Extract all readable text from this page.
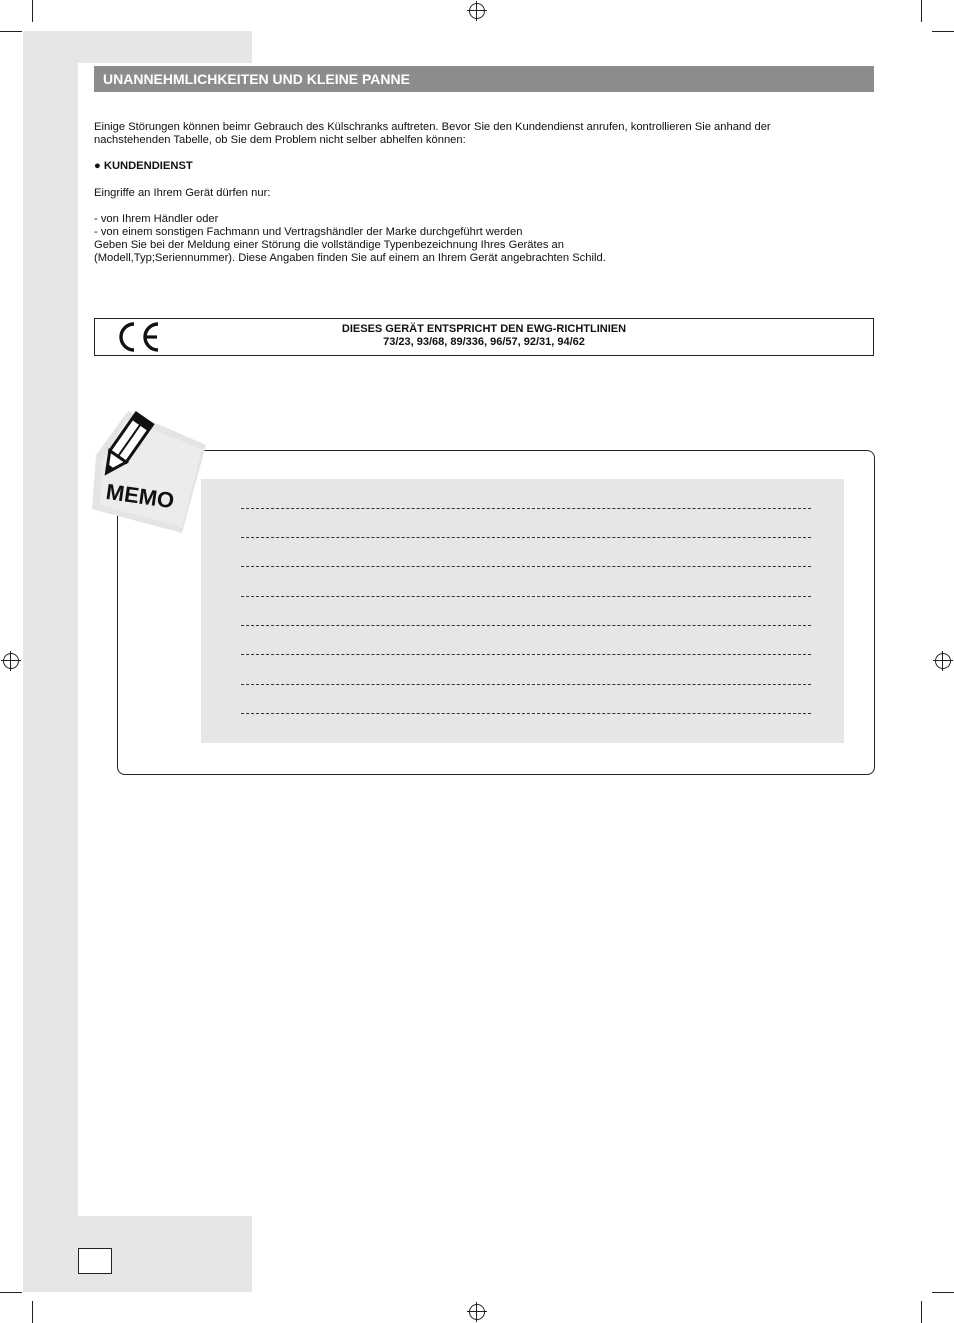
UNANNEHMLICHKEITEN UND KLEINE PANNE
Einige Störungen können beimr Gebrauch des Külschranks auftreten. Bevor Sie den Kundendienst anrufen, kontrollieren Sie anhand der
nachstehenden Tabelle, ob Sie dem Problem nicht selber abhelfen können:
● KUNDENDIENST
Eingriffe an Ihrem Gerät dürfen nur:
- von Ihrem Händler oder
- von einem sonstigen Fachmann und Vertragshändler der Marke durchgeführt werden
Geben Sie bei der Meldung einer Störung die vollständige Typenbezeichnung Ihres Gerätes an
(Modell,Typ;Seriennummer). Diese Angaben finden Sie auf einem an Ihrem Gerät angebrachten Schild.
DIESES GERÄT ENTSPRICHT DEN EWG-RICHTLINIEN
73/23, 93/68, 89/336, 96/57, 92/31, 94/62
MEMO
